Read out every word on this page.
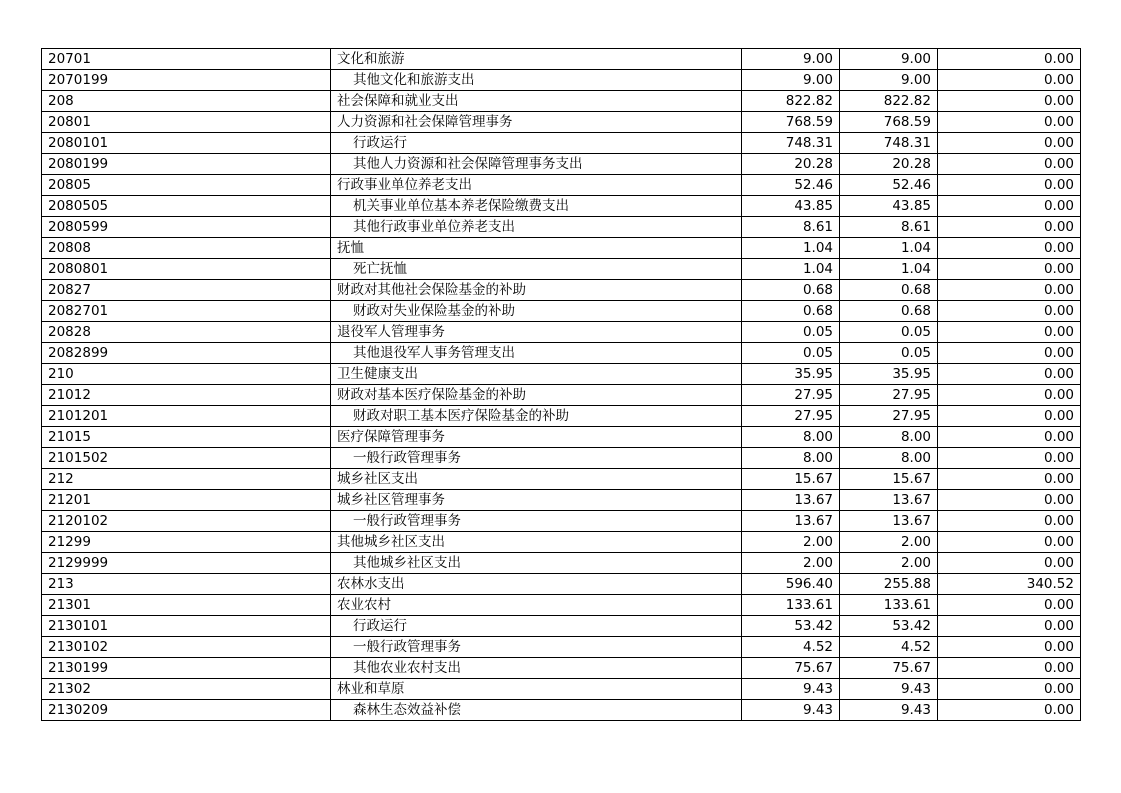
20701	文化和旅游	9.00	9.00	0.00
2070199	其他文化和旅游支出	9.00	9.00	0.00
208	社会保障和就业支出	822.82	822.82	0.00
20801	人力资源和社会保障管理事务	768.59	768.59	0.00
2080101	行政运行	748.31	748.31	0.00
2080199	其他人力资源和社会保障管理事务支出	20.28	20.28	0.00
20805	行政事业单位养老支出	52.46	52.46	0.00
2080505	机关事业单位基本养老保险缴费支出	43.85	43.85	0.00
2080599	其他行政事业单位养老支出	8.61	8.61	0.00
20808	抚恤	1.04	1.04	0.00
2080801	死亡抚恤	1.04	1.04	0.00
20827	财政对其他社会保险基金的补助	0.68	0.68	0.00
2082701	财政对失业保险基金的补助	0.68	0.68	0.00
20828	退役军人管理事务	0.05	0.05	0.00
2082899	其他退役军人事务管理支出	0.05	0.05	0.00
210	卫生健康支出	35.95	35.95	0.00
21012	财政对基本医疗保险基金的补助	27.95	27.95	0.00
2101201	财政对职工基本医疗保险基金的补助	27.95	27.95	0.00
21015	医疗保障管理事务	8.00	8.00	0.00
2101502	一般行政管理事务	8.00	8.00	0.00
212	城乡社区支出	15.67	15.67	0.00
21201	城乡社区管理事务	13.67	13.67	0.00
2120102	一般行政管理事务	13.67	13.67	0.00
21299	其他城乡社区支出	2.00	2.00	0.00
2129999	其他城乡社区支出	2.00	2.00	0.00
213	农林水支出	596.40	255.88	340.52
21301	农业农村	133.61	133.61	0.00
2130101	行政运行	53.42	53.42	0.00
2130102	一般行政管理事务	4.52	4.52	0.00
2130199	其他农业农村支出	75.67	75.67	0.00
21302	林业和草原	9.43	9.43	0.00
2130209	森林生态效益补偿	9.43	9.43	0.00
